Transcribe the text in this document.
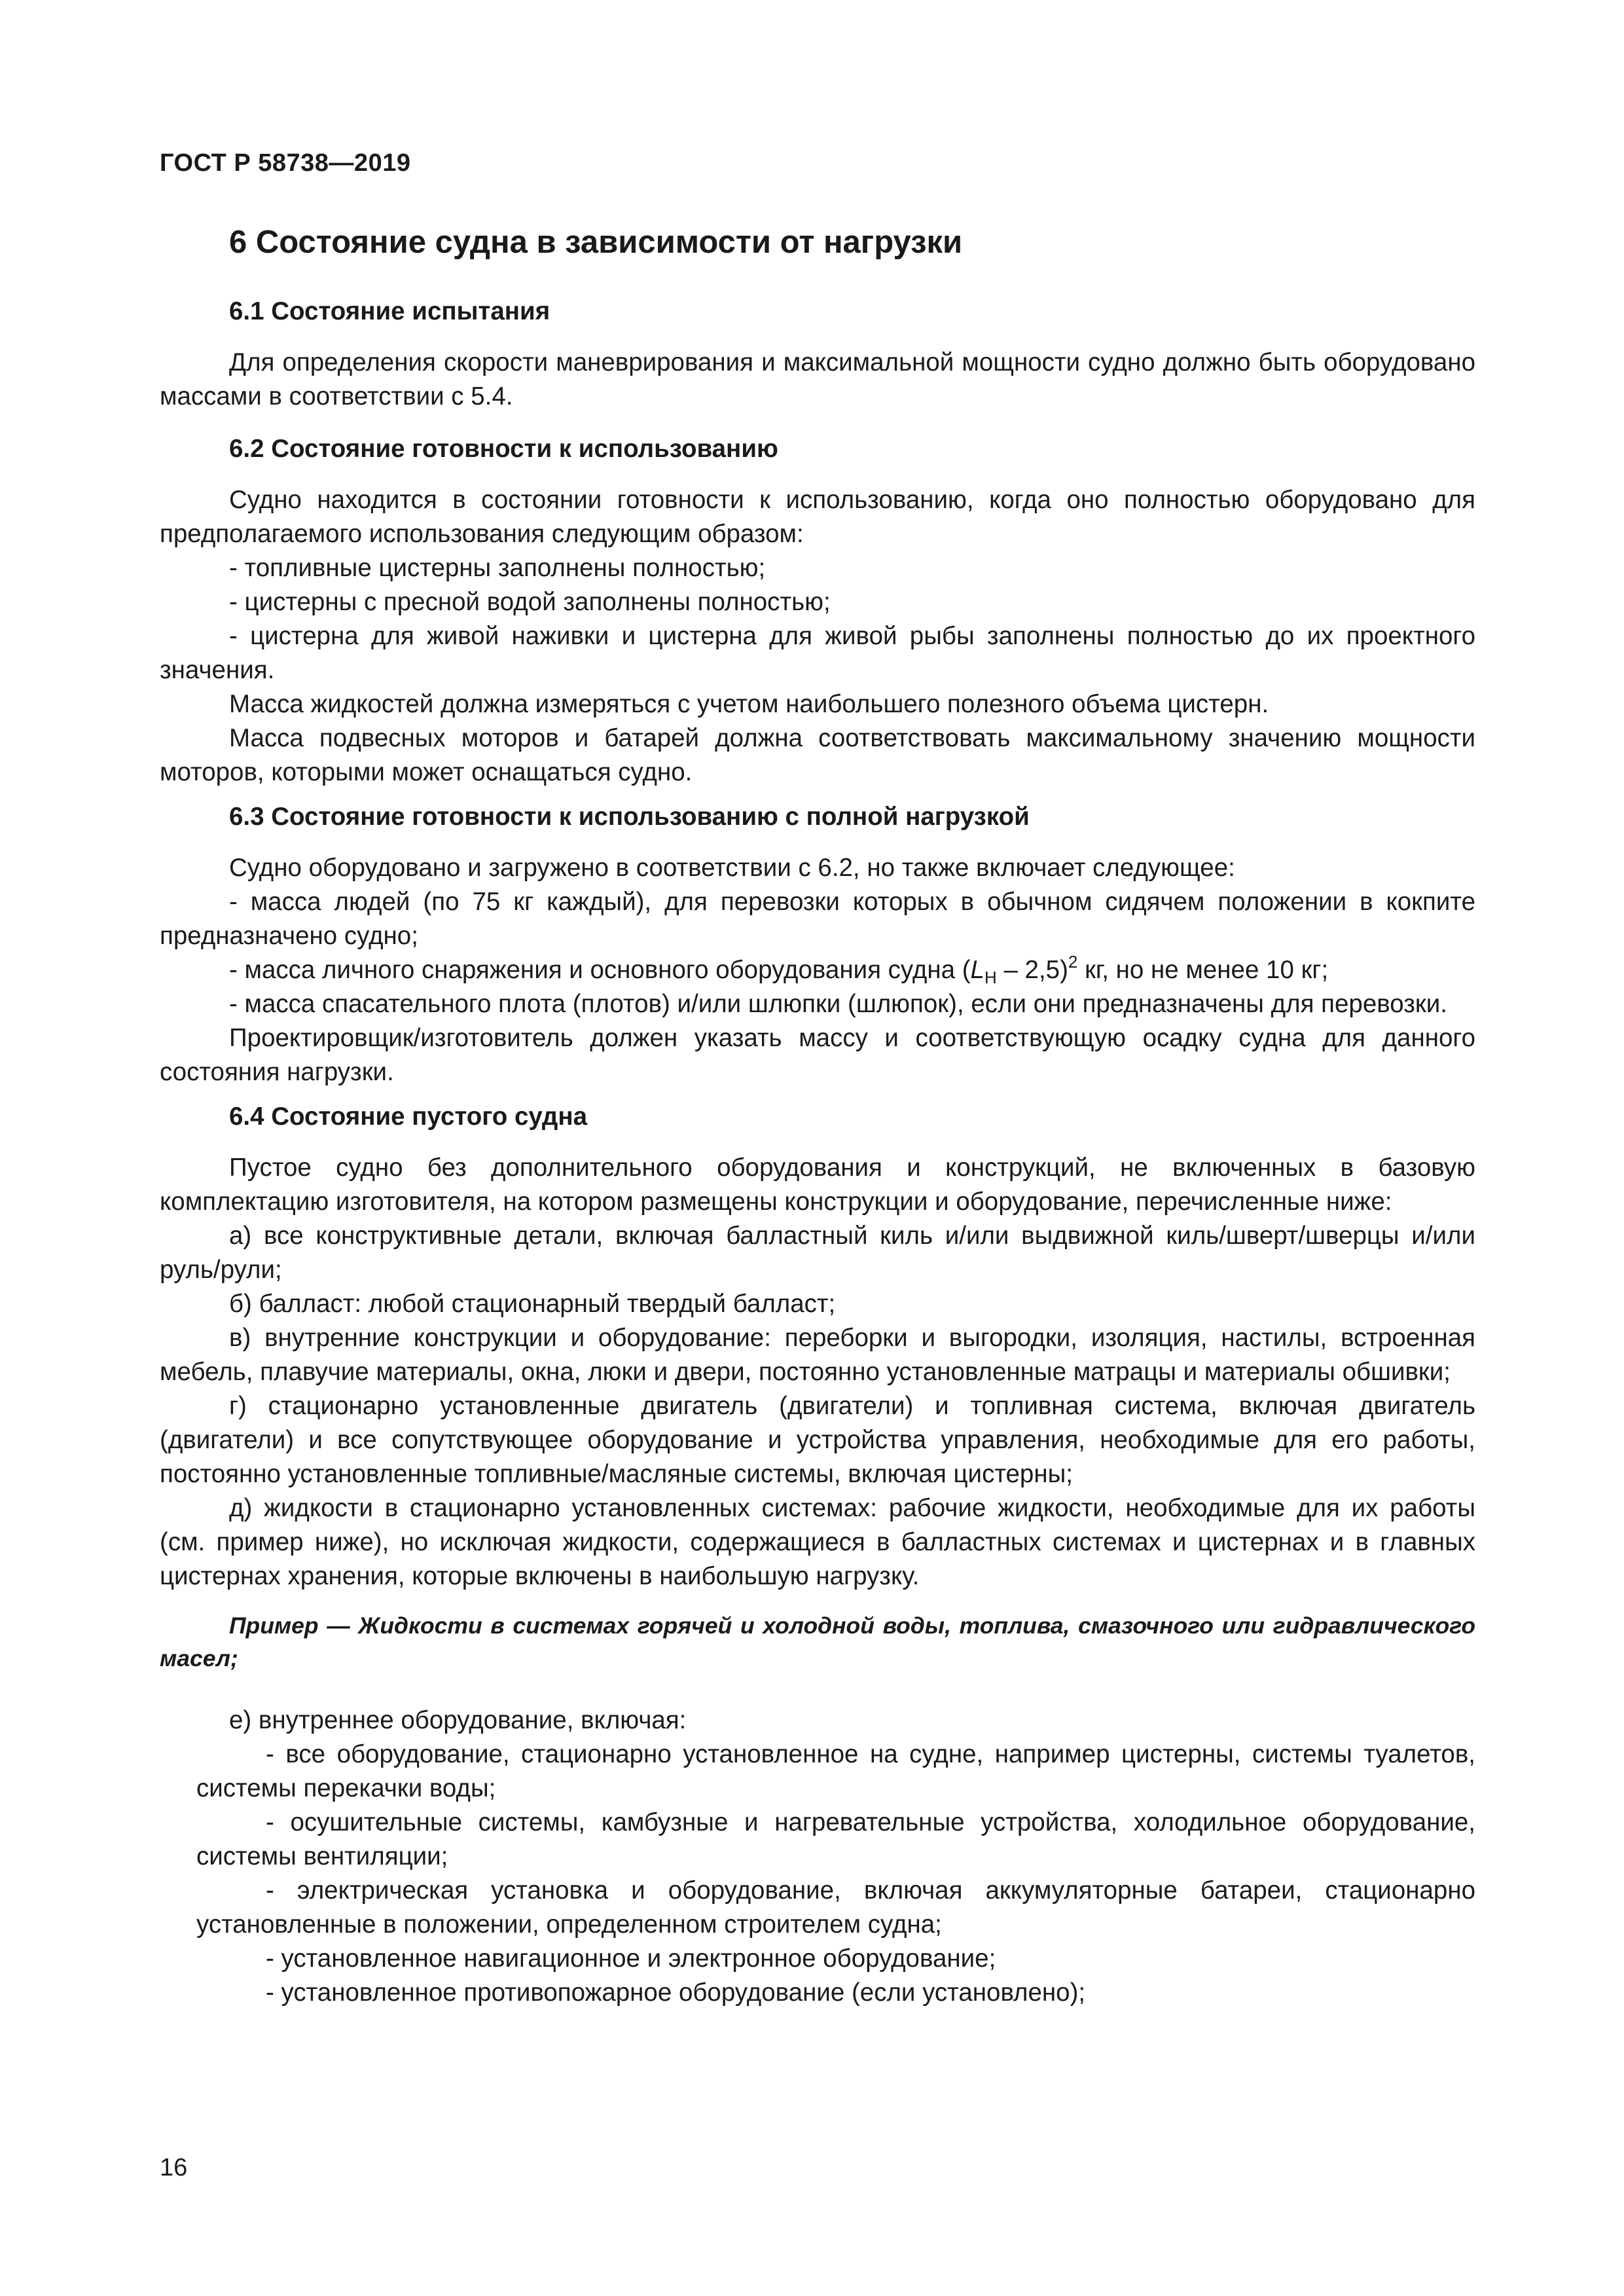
ГОСТ Р 58738—2019
6 Состояние судна в зависимости от нагрузки
6.1 Состояние испытания

Для определения скорости маневрирования и максимальной мощности судно должно быть оборудовано массами в соответствии с 5.4.

6.2 Состояние готовности к использованию

Судно находится в состоянии готовности к использованию, когда оно полностью оборудовано для предполагаемого использования следующим образом:

- топливные цистерны заполнены полностью;

- цистерны с пресной водой заполнены полностью;

- цистерна для живой наживки и цистерна для живой рыбы заполнены полностью до их проектного значения.

Масса жидкостей должна измеряться с учетом наибольшего полезного объема цистерн.

Масса подвесных моторов и батарей должна соответствовать максимальному значению мощности моторов, которыми может оснащаться судно.

6.3 Состояние готовности к использованию с полной нагрузкой

Судно оборудовано и загружено в соответствии с 6.2, но также включает следующее:

- масса людей (по 75 кг каждый), для перевозки которых в обычном сидячем положении в кокпите предназначено судно;

- масса личного снаряжения и основного оборудования судна $(L_H - 2,5)^2$ кг, но не менее 10 кг;

- масса спасательного плота (плотов) и/или шлюпки (шлюпок), если они предназначены для перевозки.

Проектировщик/изготовитель должен указать массу и соответствующую осадку судна для данного состояния нагрузки.

6.4 Состояние пустого судна

Пустое судно без дополнительного оборудования и конструкций, не включенных в базовую комплектацию изготовителя, на котором размещены конструкции и оборудование, перечисленные ниже:

а) все конструктивные детали, включая балластный киль и/или выдвижной киль/шверт/шверцы и/или руль/рули;

б) балласт: любой стационарный твердый балласт;

в) внутренние конструкции и оборудование: переборки и выгородки, изоляция, настилы, встроенная мебель, плавучие материалы, окна, люки и двери, постоянно установленные матрацы и материалы обшивки;

г) стационарно установленные двигатель (двигатели) и топливная система, включая двигатель (двигатели) и все сопутствующее оборудование и устройства управления, необходимые для его работы, постоянно установленные топливные/масляные системы, включая цистерны;

д) жидкости в стационарно установленных системах: рабочие жидкости, необходимые для их работы (см. пример ниже), но исключая жидкости, содержащиеся в балластных системах и цистернах и в главных цистернах хранения, которые включены в наибольшую нагрузку.

Пример — Жидкости в системах горячей и холодной воды, топлива, смазочного или гидравлического масел;

е) внутреннее оборудование, включая:

- все оборудование, стационарно установленное на судне, например цистерны, системы туалетов, системы перекачки воды;

- осушительные системы, камбузные и нагревательные устройства, холодильное оборудование, системы вентиляции;

- электрическая установка и оборудование, включая аккумуляторные батареи, стационарно установленные в положении, определенном строителем судна;

- установленное навигационное и электронное оборудование;

- установленное противопожарное оборудование (если установлено);

16
